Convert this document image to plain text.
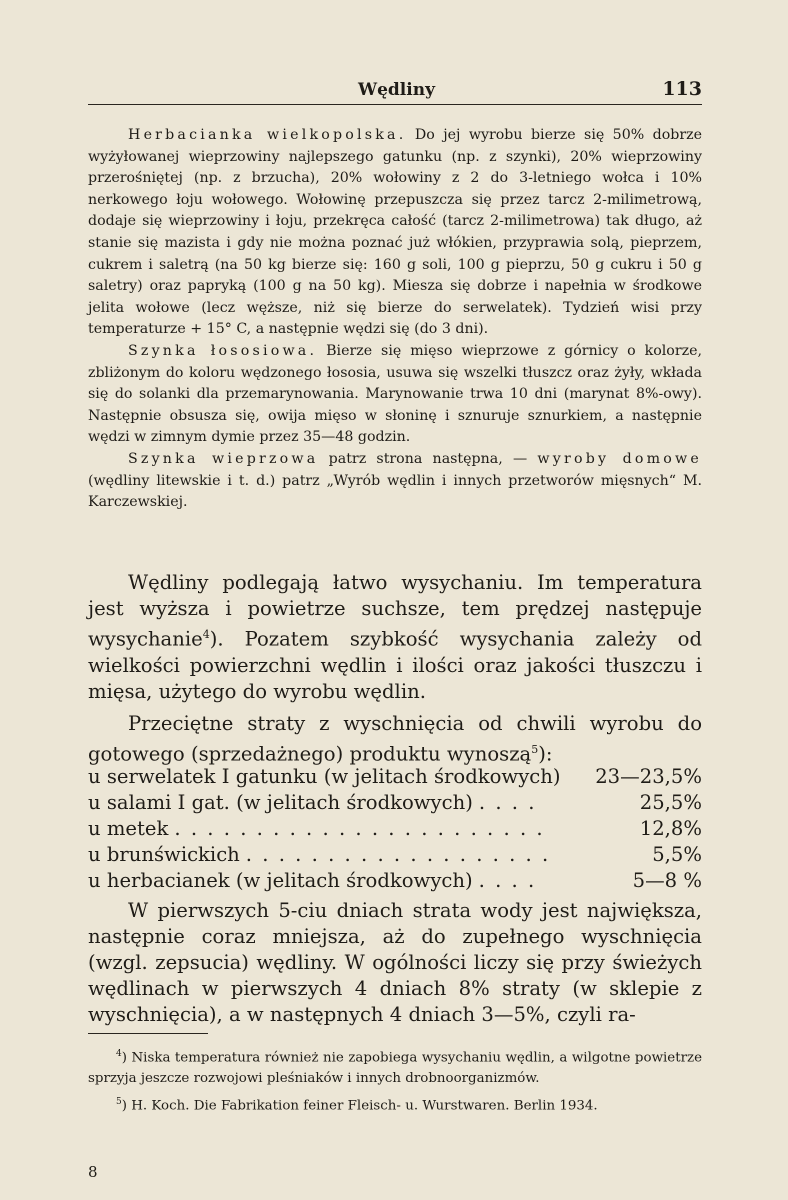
Wędliny	113

Herbacianka wielkopolska. Do jej wyrobu bierze się 50% dobrze wyżyłowanej wieprzowiny najlepszego gatunku (np. z szynki), 20% wieprzowiny przerośniętej (np. z brzucha), 20% wołowiny z 2 do 3-letniego wołca i 10% nerkowego łoju wołowego. Wołowinę przepuszcza się przez tarcz 2-milimetrową, dodaje się wieprzowiny i łoju, przekręca całość (tarcz 2-milimetrowa) tak długo, aż stanie się mazista i gdy nie można poznać już włókien, przyprawia solą, pieprzem, cukrem i saletrą (na 50 kg bierze się: 160 g soli, 100 g pieprzu, 50 g cukru i 50 g saletry) oraz papryką (100 g na 50 kg). Miesza się dobrze i napełnia w środkowe jelita wołowe (lecz węższe, niż się bierze do serwelatek). Tydzień wisi przy temperaturze + 15° C, a następnie wędzi się (do 3 dni).

Szynka łososiowa. Bierze się mięso wieprzowe z górnicy o kolorze, zbliżonym do koloru wędzonego łososia, usuwa się wszelki tłuszcz oraz żyły, wkłada się do solanki dla przemarynowania. Marynowanie trwa 10 dni (marynat 8%-owy). Następnie obsusza się, owija mięso w słoninę i sznuruje sznurkiem, a następnie wędzi w zimnym dymie przez 35—48 godzin.

Szynka wieprzowa patrz strona następna, — wyroby domowe (wędliny litewskie i t. d.) patrz „Wyrób wędlin i innych przetworów mięsnych“ M. Karczewskiej.

Wędliny podlegają łatwo wysychaniu. Im temperatura jest wyższa i powietrze suchsze, tem prędzej następuje wysychanie$^4$). Pozatem szybkość wysychania zależy od wielkości powierzchni wędlin i ilości oraz jakości tłuszczu i mięsa, użytego do wyrobu wędlin.

Przeciętne straty z wyschnięcia od chwili wyrobu do gotowego (sprzedażnego) produktu wynoszą$^5$):

u serwelatek I gatunku (w jelitach środkowych) 23—23,5%
u salami I gat. (w jelitach środkowych) . . . .	25,5%
u metek . . . . . . . . . . . . . . . . . . . . . . .	12,8%
u brunświckich . . . . . . . . . . . . . . . . . . .	5,5%
u herbacianek (w jelitach środkowych) . . . .	5—8 %

W pierwszych 5-ciu dniach strata wody jest największa, następnie coraz mniejsza, aż do zupełnego wyschnięcia (wzgl. zepsucia) wędliny. W ogólności liczy się przy świeżych wędlinach w pierwszych 4 dniach 8% straty (w sklepie z wyschnięcia), a w następnych 4 dniach 3—5%, czyli ra-

$^4$) Niska temperatura również nie zapobiega wysychaniu wędlin, a wilgotne powietrze sprzyja jeszcze rozwojowi pleśniaków i innych drobnoorganizmów.

$^5$) H. Koch. Die Fabrikation feiner Fleisch- u. Wurstwaren. Berlin 1934.

8
